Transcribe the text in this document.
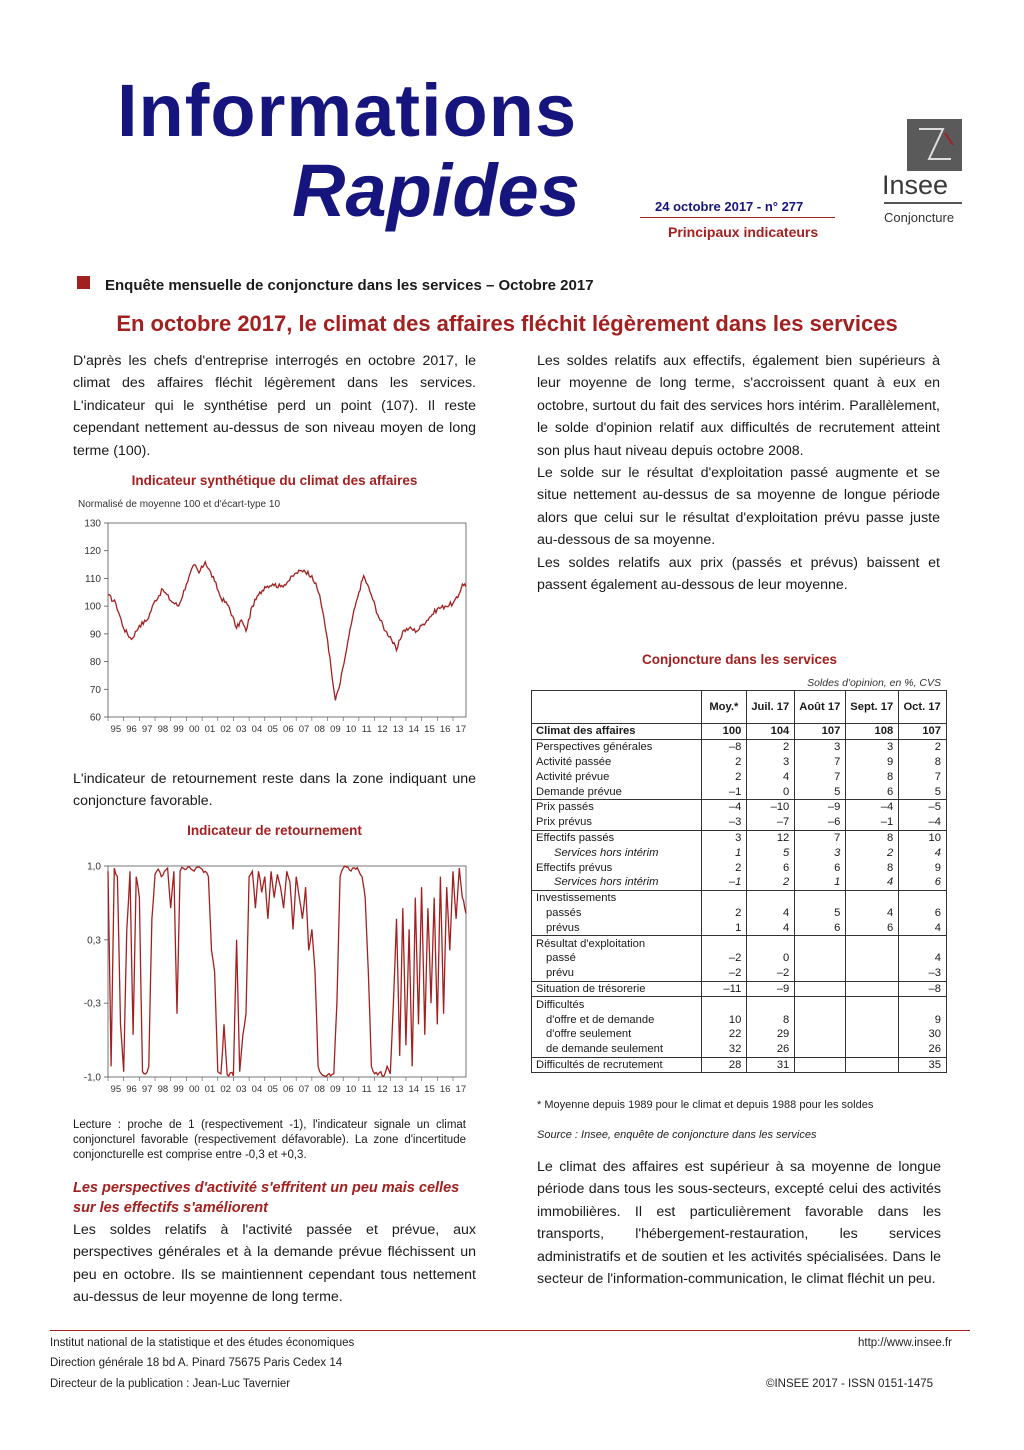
Informations
Rapides	24 octobre 2017 - n° 277
Principaux indicateurs
Insee
Conjoncture
Enquête mensuelle de conjoncture dans les services – Octobre 2017
En octobre 2017, le climat des affaires fléchit légèrement dans les services

D'après les chefs d'entreprise interrogés en octobre 2017, le climat des affaires fléchit légèrement dans les services. L'indicateur qui le synthétise perd un point (107). Il reste cependant nettement au-dessus de son niveau moyen de long terme (100).

Indicateur synthétique du climat des affaires
Normalisé de moyenne 100 et d'écart-type 10
60
70
80
90
100
110
120
130
95 96 97 98 99 00 01 02 03 04 05 06 07 08 09 10 11 12 13 14 15 16 17

L'indicateur de retournement reste dans la zone indiquant une conjoncture favorable.

Indicateur de retournement
-1,0
-0,3
0,3
1,0
95 96 97 98 99 00 01 02 03 04 05 06 07 08 09 10 11 12 13 14 15 16 17
Lecture : proche de 1 (respectivement -1), l'indicateur signale un climat conjoncturel favorable (respectivement défavorable). La zone d'incertitude conjoncturelle est comprise entre -0,3 et +0,3.
Les perspectives d'activité s'effritent un peu mais celles sur les effectifs s'améliorent

Les soldes relatifs à l'activité passée et prévue, aux perspectives générales et à la demande prévue fléchissent un peu en octobre. Ils se maintiennent cependant tous nettement au-dessus de leur moyenne de long terme.

Les soldes relatifs aux effectifs, également bien supérieurs à leur moyenne de long terme, s'accroissent quant à eux en octobre, surtout du fait des services hors intérim. Parallèlement, le solde d'opinion relatif aux difficultés de recrutement atteint son plus haut niveau depuis octobre 2008.

Le solde sur le résultat d'exploitation passé augmente et se situe nettement au-dessus de sa moyenne de longue période alors que celui sur le résultat d'exploitation prévu passe juste au-dessous de sa moyenne.

Les soldes relatifs aux prix (passés et prévus) baissent et passent également au-dessous de leur moyenne.

Conjoncture dans les services
Soldes d'opinion, en %, CVS
	Moy.*	Juil. 17	Août 17	Sept. 17	Oct. 17
Climat des affaires	100	104	107	108	107
Perspectives générales	–8	2	3	3	2
Activité passée	2	3	7	9	8
Activité prévue	2	4	7	8	7
Demande prévue	–1	0	5	6	5
Prix passés	–4	–10	–9	–4	–5
Prix prévus	–3	–7	–6	–1	–4
Effectifs passés	3	12	7	8	10
Services hors intérim	1	5	3	2	4
Effectifs prévus	2	6	6	8	9
Services hors intérim	–1	2	1	4	6
Investissements					
passés	2	4	5	4	6
prévus	1	4	6	6	4
Résultat d'exploitation					
passé	–2	0			4
prévu	–2	–2			–3
Situation de trésorerie	–11	–9			–8
Difficultés					
d'offre et de demande	10	8			9
d'offre seulement	22	29			30
de demande seulement	32	26			26
Difficultés de recrutement	28	31			35
* Moyenne depuis 1989 pour le climat et depuis 1988 pour les soldes
Source : Insee, enquête de conjoncture dans les services

Le climat des affaires est supérieur à sa moyenne de longue période dans tous les sous-secteurs, excepté celui des activités immobilières. Il est particulièrement favorable dans les transports, l'hébergement-restauration, les services administratifs et de soutien et les activités spécialisées. Dans le secteur de l'information-communication, le climat fléchit un peu.

Institut national de la statistique et des études économiques
Direction générale 18 bd A. Pinard 75675 Paris Cedex 14
Directeur de la publication : Jean-Luc Tavernier
http://www.insee.fr
©INSEE 2017 - ISSN 0151-1475
